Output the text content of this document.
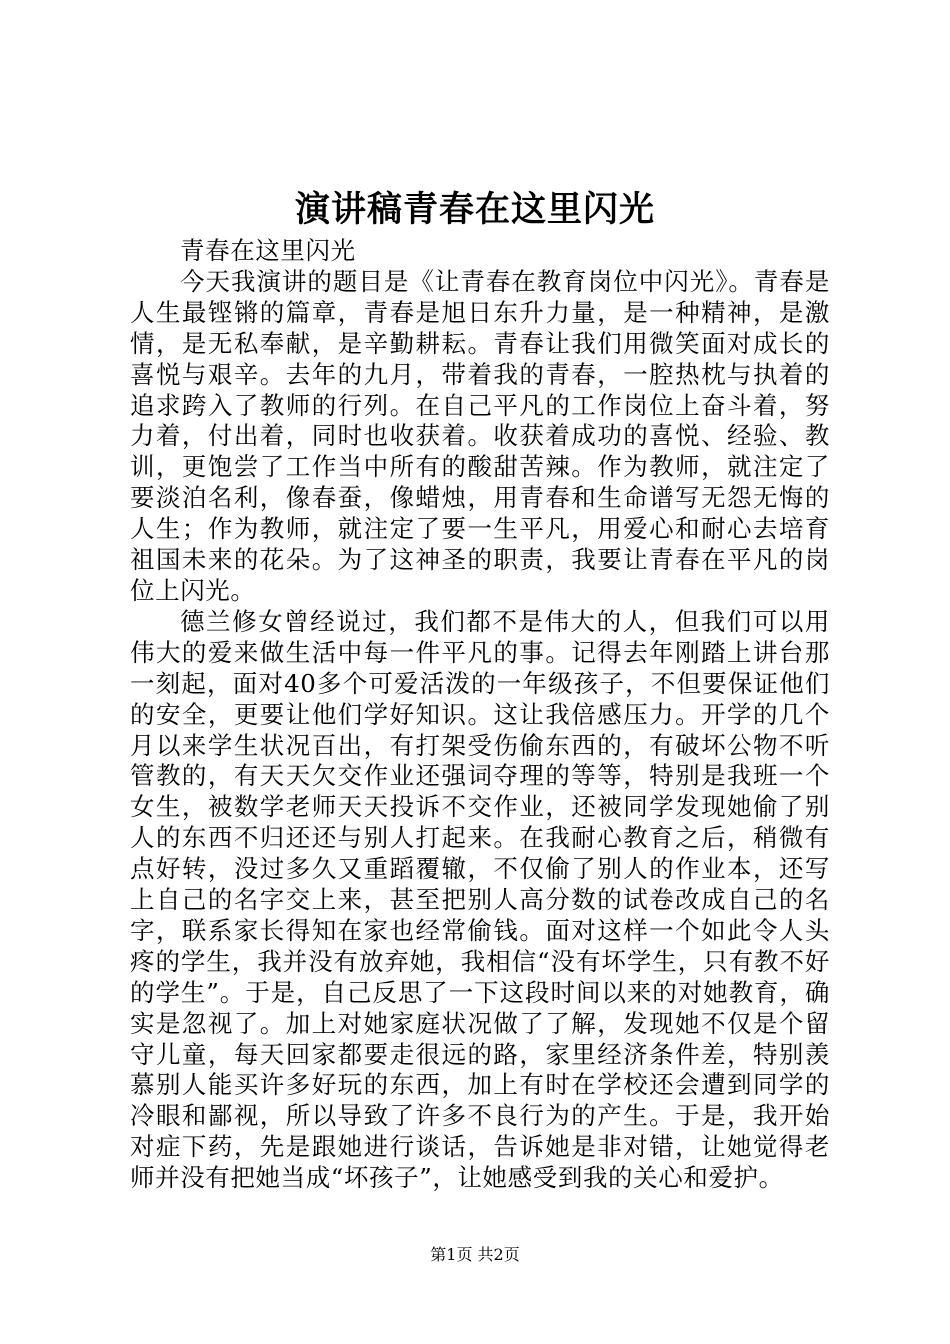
演讲稿青春在这里闪光

青春在这里闪光

今天我演讲的题目是《让青春在教育岗位中闪光》。青春是人生最铿锵的篇章，青春是旭日东升力量，是一种精神，是激情，是无私奉献，是辛勤耕耘。青春让我们用微笑面对成长的喜悦与艰辛。去年的九月，带着我的青春，一腔热枕与执着的追求跨入了教师的行列。在自己平凡的工作岗位上奋斗着，努力着，付出着，同时也收获着。收获着成功的喜悦、经验、教训，更饱尝了工作当中所有的酸甜苦辣。作为教师，就注定了要淡泊名利，像春蚕，像蜡烛，用青春和生命谱写无怨无悔的人生；作为教师，就注定了要一生平凡，用爱心和耐心去培育祖国未来的花朵。为了这神圣的职责，我要让青春在平凡的岗位上闪光。

德兰修女曾经说过，我们都不是伟大的人，但我们可以用伟大的爱来做生活中每一件平凡的事。记得去年刚踏上讲台那一刻起，面对40多个可爱活泼的一年级孩子，不但要保证他们的安全，更要让他们学好知识。这让我倍感压力。开学的几个月以来学生状况百出，有打架受伤偷东西的，有破坏公物不听管教的，有天天欠交作业还强词夺理的等等，特别是我班一个女生，被数学老师天天投诉不交作业，还被同学发现她偷了别人的东西不归还还与别人打起来。在我耐心教育之后，稍微有点好转，没过多久又重蹈覆辙，不仅偷了别人的作业本，还写上自己的名字交上来，甚至把别人高分数的试卷改成自己的名字，联系家长得知在家也经常偷钱。面对这样一个如此令人头疼的学生，我并没有放弃她，我相信“没有坏学生，只有教不好的学生”。于是，自己反思了一下这段时间以来的对她教育，确实是忽视了。加上对她家庭状况做了了解，发现她不仅是个留守儿童，每天回家都要走很远的路，家里经济条件差，特别羡慕别人能买许多好玩的东西，加上有时在学校还会遭到同学的冷眼和鄙视，所以导致了许多不良行为的产生。于是，我开始对症下药，先是跟她进行谈话，告诉她是非对错，让她觉得老师并没有把她当成“坏孩子”，让她感受到我的关心和爱护。

第1页 共2页
